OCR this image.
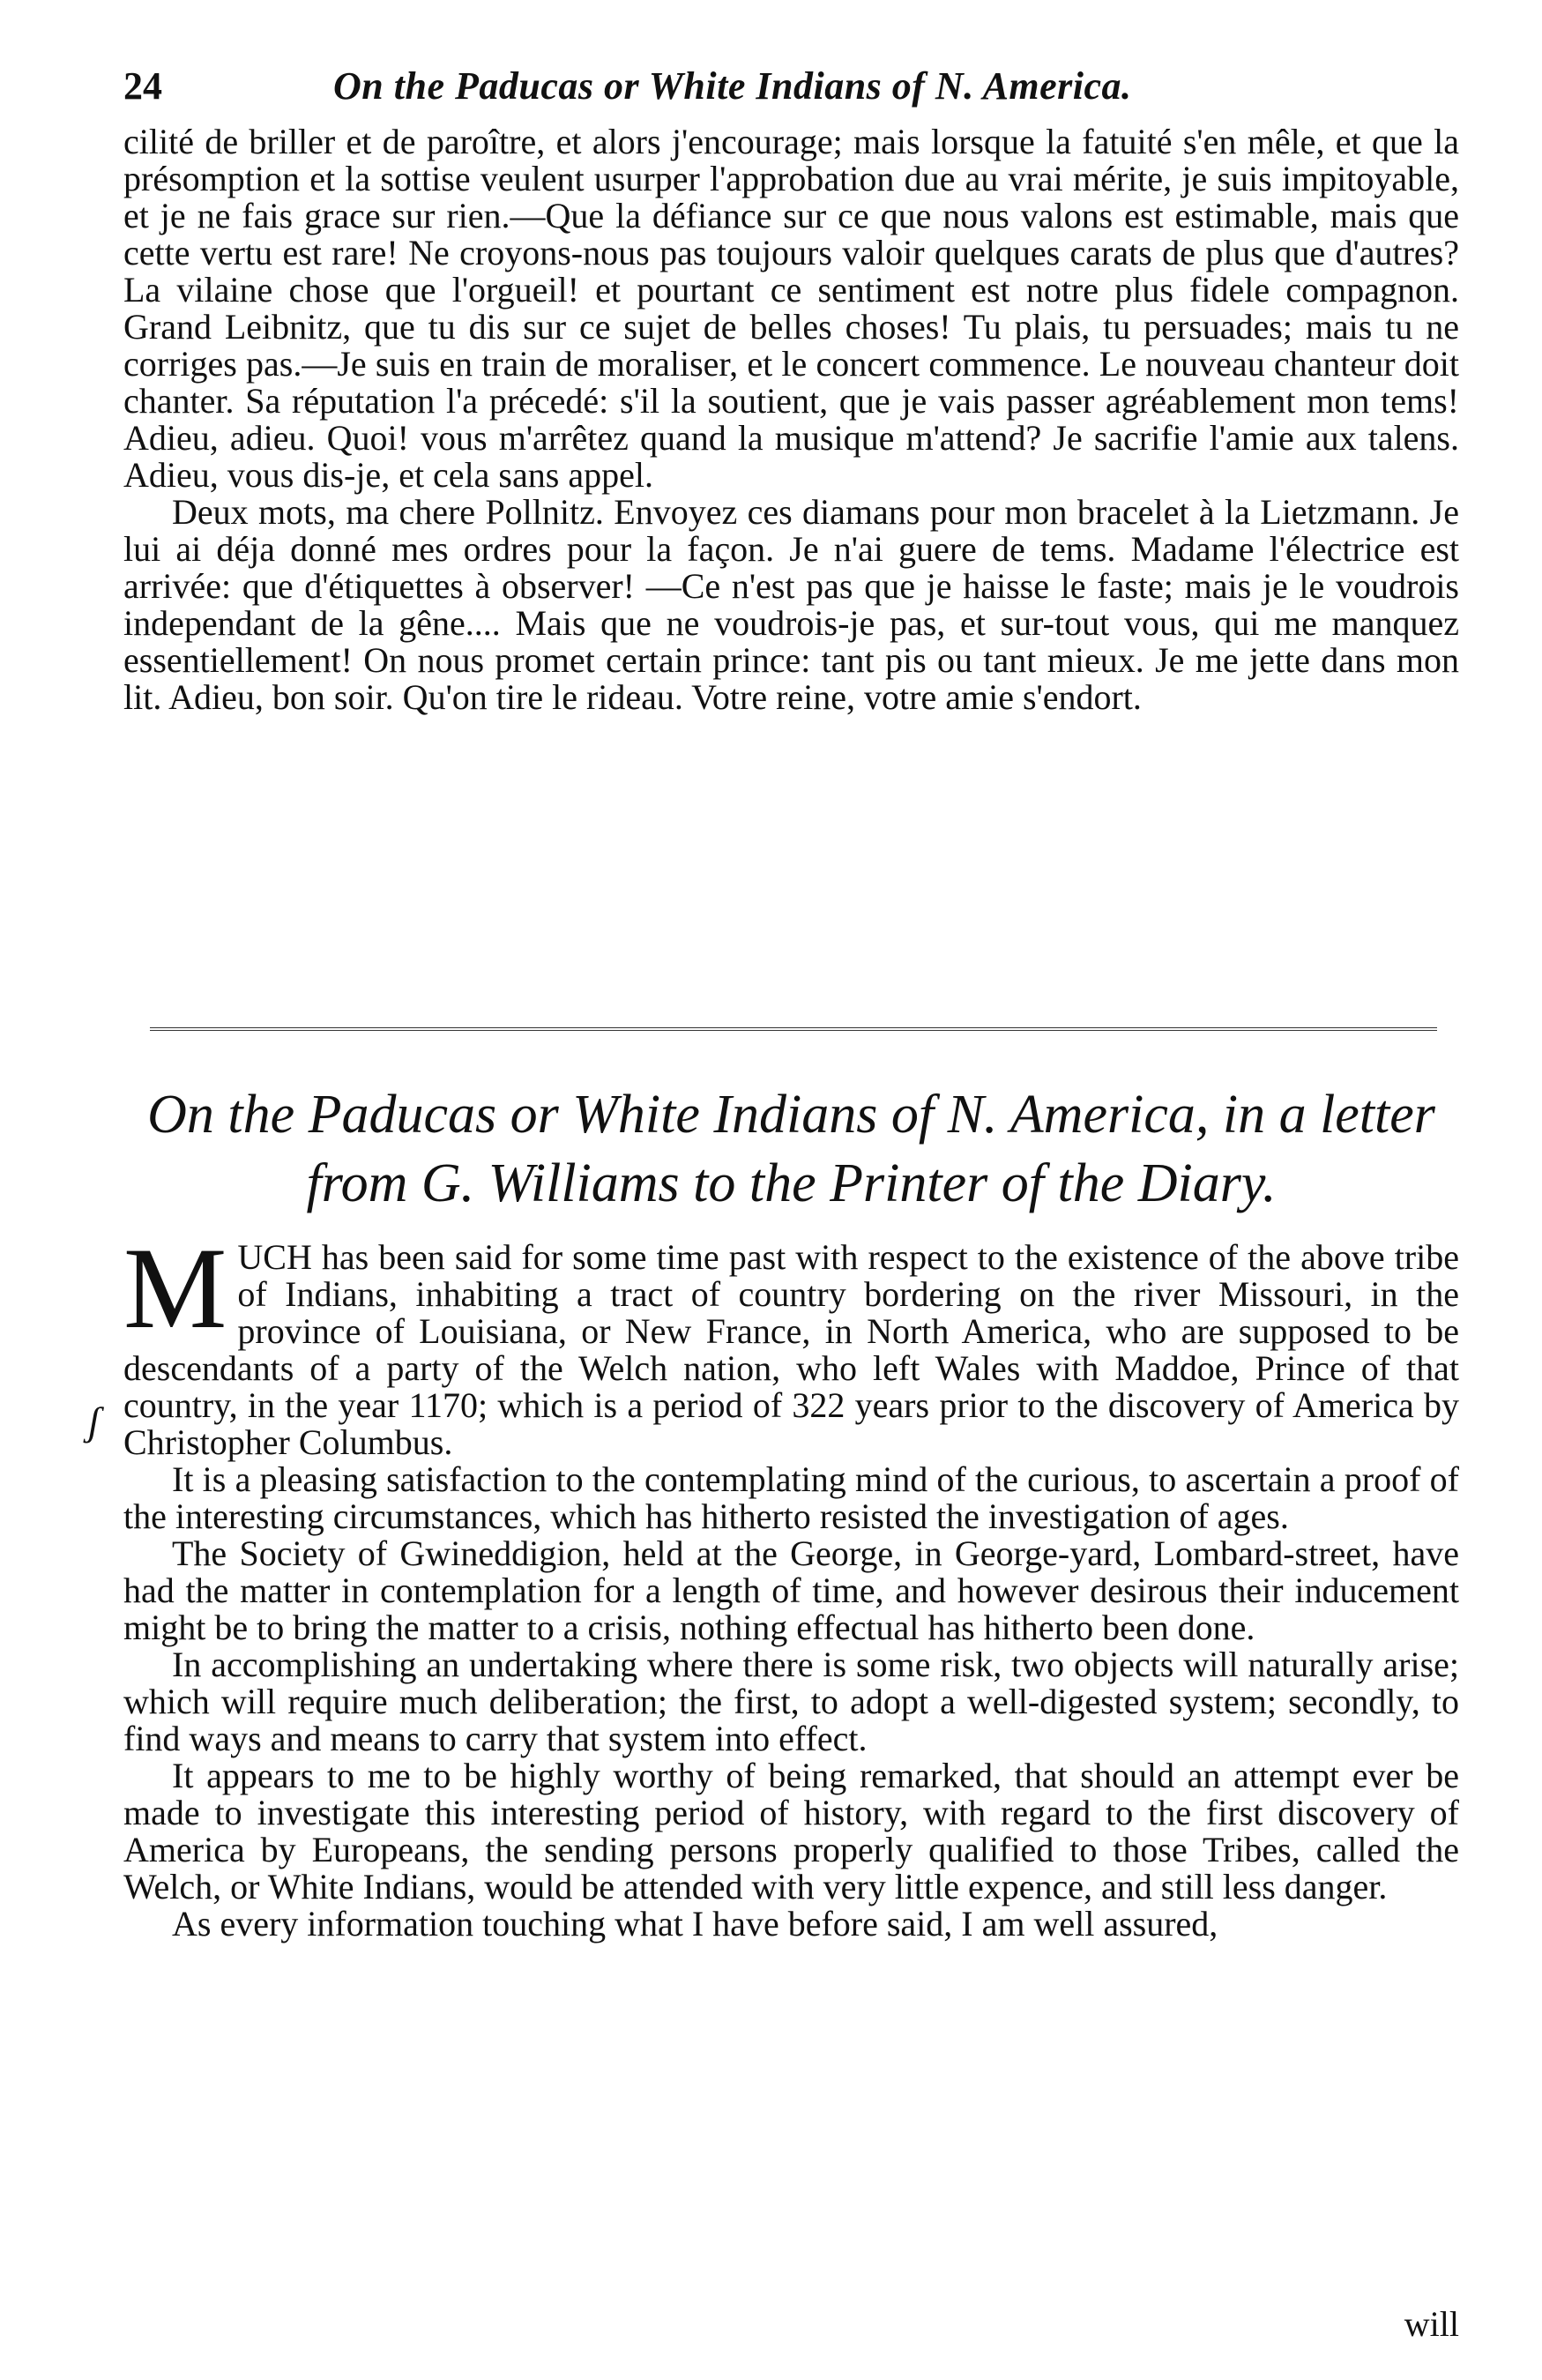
24	On the Paducas or White Indians of N. America.

cilité de briller et de paroître, et alors j'encourage; mais lorsque la fatuité s'en mêle, et que la présomption et la sottise veulent usurper l'approbation due au vrai mérite, je suis impitoyable, et je ne fais grace sur rien.—Que la défiance sur ce que nous valons est estimable, mais que cette vertu est rare! Ne croyons-nous pas toujours valoir quelques carats de plus que d'autres? La vilaine chose que l'orgueil! et pourtant ce sentiment est notre plus fidele compagnon. Grand Leibnitz, que tu dis sur ce sujet de belles choses! Tu plais, tu persuades; mais tu ne corriges pas.—Je suis en train de moraliser, et le concert commence. Le nouveau chanteur doit chanter. Sa réputation l'a précedé: s'il la soutient, que je vais passer agréablement mon tems! Adieu, adieu. Quoi! vous m'arrêtez quand la musique m'attend? Je sacrifie l'amie aux talens. Adieu, vous dis-je, et cela sans appel.

Deux mots, ma chere Pollnitz. Envoyez ces diamans pour mon bracelet à la Lietzmann. Je lui ai déja donné mes ordres pour la façon. Je n'ai guere de tems. Madame l'électrice est arrivée: que d'étiquettes à observer! —Ce n'est pas que je haisse le faste; mais je le voudrois independant de la gêne.... Mais que ne voudrois-je pas, et sur-tout vous, qui me manquez essentiellement! On nous promet certain prince: tant pis ou tant mieux. Je me jette dans mon lit. Adieu, bon soir. Qu'on tire le rideau. Votre reine, votre amie s'endort.

On the Paducas or White Indians of N. America, in a letter from G. Williams to the Printer of the Diary.
ʃ

MUCH has been said for some time past with respect to the existence of the above tribe of Indians, inhabiting a tract of country bordering on the river Missouri, in the province of Louisiana, or New France, in North America, who are supposed to be descendants of a party of the Welch nation, who left Wales with Maddoe, Prince of that country, in the year 1170; which is a period of 322 years prior to the discovery of America by Christopher Columbus.

It is a pleasing satisfaction to the contemplating mind of the curious, to ascertain a proof of the interesting circumstances, which has hitherto resisted the investigation of ages.

The Society of Gwineddigion, held at the George, in George-yard, Lombard-street, have had the matter in contemplation for a length of time, and however desirous their inducement might be to bring the matter to a crisis, nothing effectual has hitherto been done.

In accomplishing an undertaking where there is some risk, two objects will naturally arise; which will require much deliberation; the first, to adopt a well-digested system; secondly, to find ways and means to carry that system into effect.

It appears to me to be highly worthy of being remarked, that should an attempt ever be made to investigate this interesting period of history, with regard to the first discovery of America by Europeans, the sending persons properly qualified to those Tribes, called the Welch, or White Indians, would be attended with very little expence, and still less danger.

As every information touching what I have before said, I am well assured,

will
